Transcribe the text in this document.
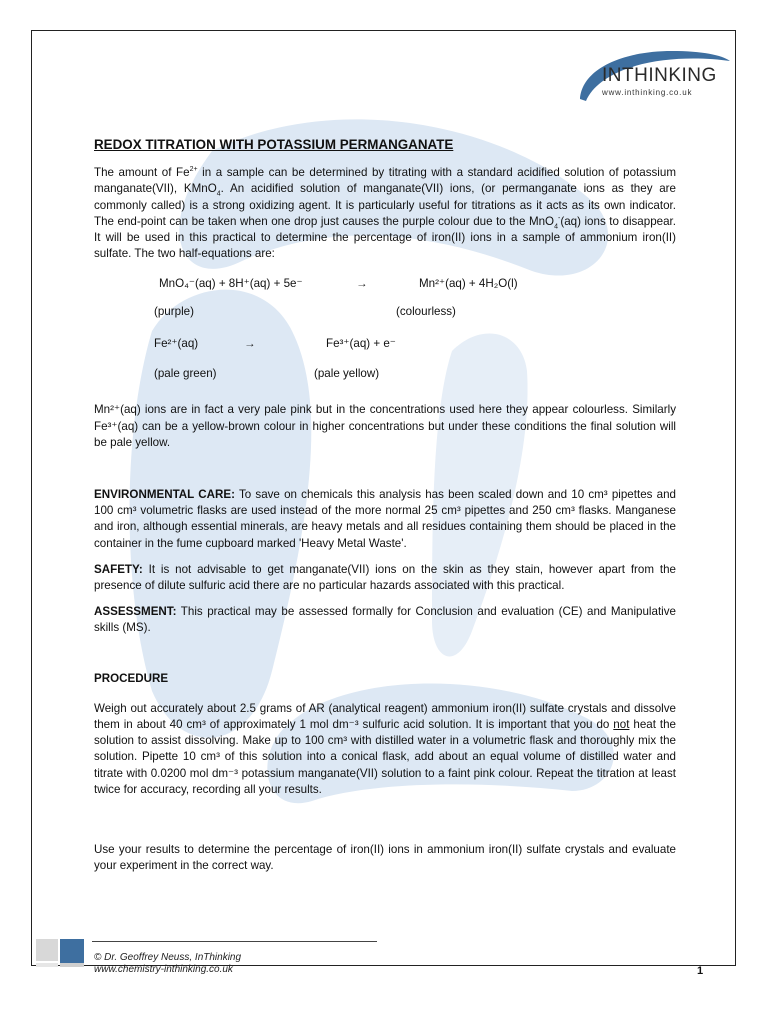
INTHINKING
www.inthinking.co.uk
REDOX TITRATION WITH POTASSIUM PERMANGANATE

The amount of $Fe^{2+}$ in a sample can be determined by titrating with a standard acidified solution of potassium manganate(VII), KMnO$_4$. An acidified solution of manganate(VII) ions, (or permanganate ions as they are commonly called) is a strong oxidizing agent. It is particularly useful for titrations as it acts as its own indicator. The end-point can be taken when one drop just causes the purple colour due to the MnO$_4$-(aq) ions to disappear. It will be used in this practical to determine the percentage of iron(II) ions in a sample of ammonium iron(II) sulfate. The two half-equations are:

MnO₄⁻(aq) + 8H⁺(aq) + 5e⁻	→	Mn²⁺(aq) + 4H₂O(l)
(purple)	(colourless)
Fe²⁺(aq)	→	Fe³⁺(aq) + e⁻
(pale green)	(pale yellow)

Mn²⁺(aq) ions are in fact a very pale pink but in the concentrations used here they appear colourless. Similarly Fe³⁺(aq) can be a yellow-brown colour in higher concentrations but under these conditions the final solution will be pale yellow.

ENVIRONMENTAL CARE: To save on chemicals this analysis has been scaled down and 10 cm³ pipettes and 100 cm³ volumetric flasks are used instead of the more normal 25 cm³ pipettes and 250 cm³ flasks. Manganese and iron, although essential minerals, are heavy metals and all residues containing them should be placed in the container in the fume cupboard marked 'Heavy Metal Waste'.

SAFETY: It is not advisable to get manganate(VII) ions on the skin as they stain, however apart from the presence of dilute sulfuric acid there are no particular hazards associated with this practical.

ASSESSMENT: This practical may be assessed formally for Conclusion and evaluation (CE) and Manipulative skills (MS).

PROCEDURE

Weigh out accurately about 2.5 grams of AR (analytical reagent) ammonium iron(II) sulfate crystals and dissolve them in about 40 cm³ of approximately 1 mol dm⁻³ sulfuric acid solution. It is important that you do not heat the solution to assist dissolving. Make up to 100 cm³ with distilled water in a volumetric flask and thoroughly mix the solution. Pipette 10 cm³ of this solution into a conical flask, add about an equal volume of distilled water and titrate with 0.0200 mol dm⁻³ potassium manganate(VII) solution to a faint pink colour. Repeat the titration at least twice for accuracy, recording all your results.

Use your results to determine the percentage of iron(II) ions in ammonium iron(II) sulfate crystals and evaluate your experiment in the correct way.

© Dr. Geoffrey Neuss, InThinking
www.chemistry-inthinking.co.uk	1
